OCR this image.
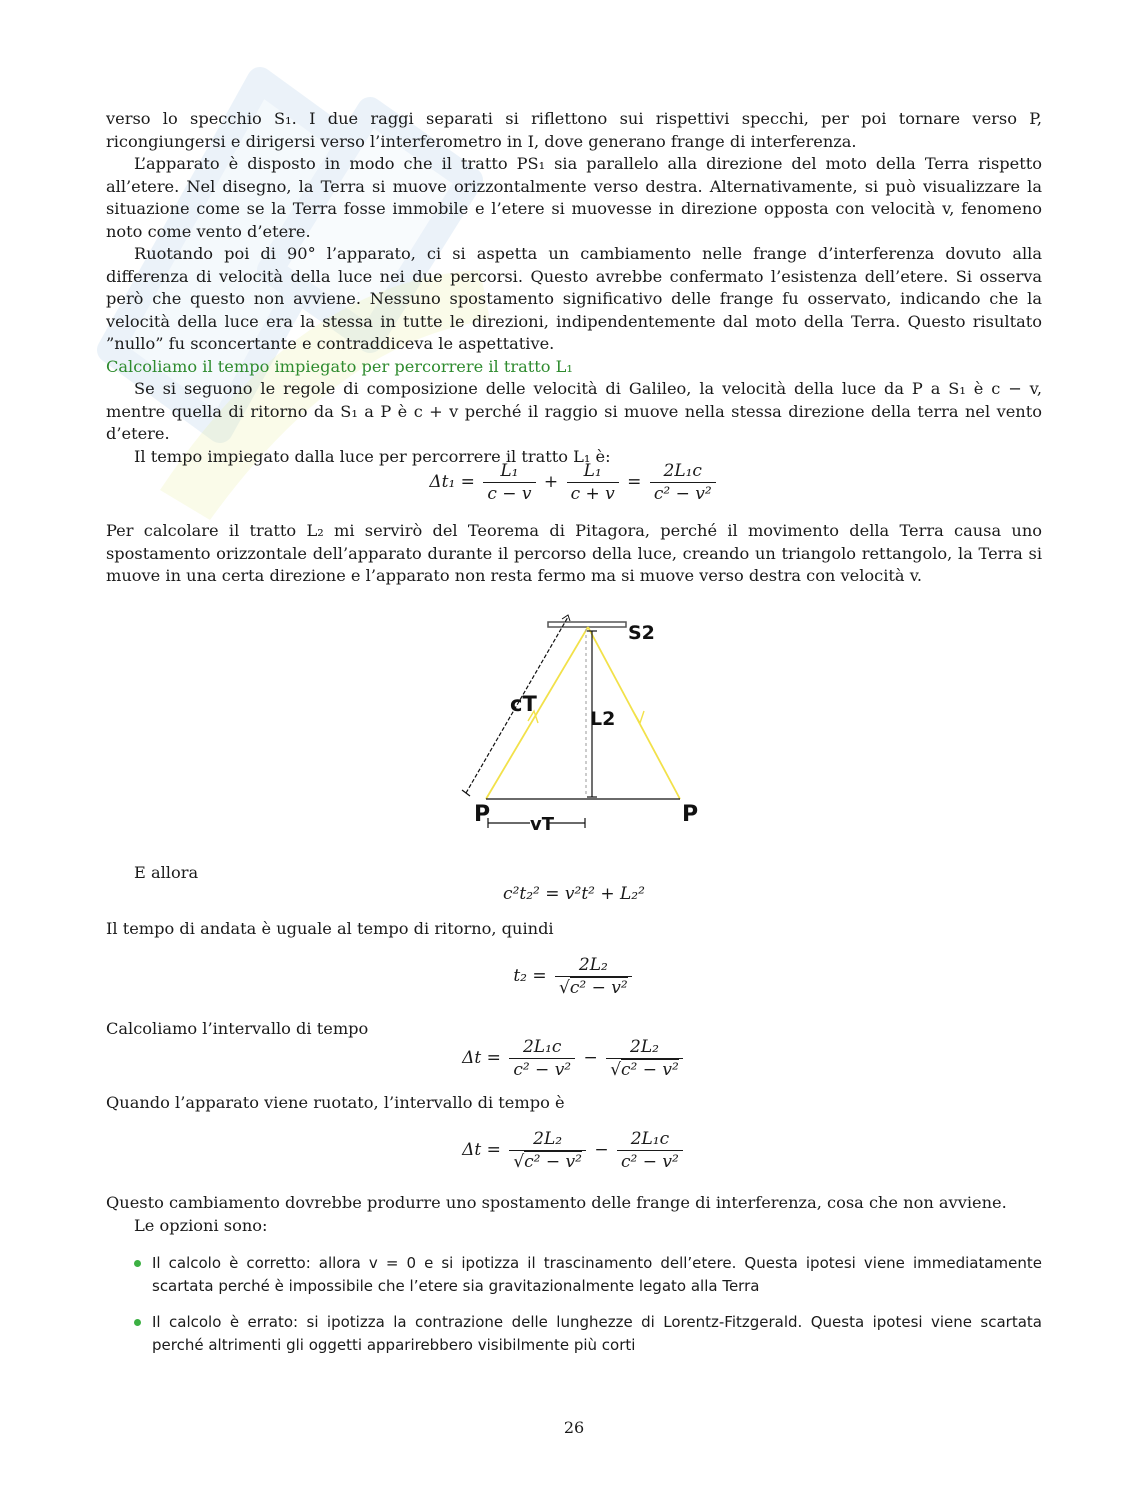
verso lo specchio S₁. I due raggi separati si riflettono sui rispettivi specchi, per poi tornare verso P, ricongiungersi e dirigersi verso l’interferometro in I, dove generano frange di interferenza.

L’apparato è disposto in modo che il tratto PS₁ sia parallelo alla direzione del moto della Terra rispetto all’etere. Nel disegno, la Terra si muove orizzontalmente verso destra. Alternativamente, si può visualizzare la situazione come se la Terra fosse immobile e l’etere si muovesse in direzione opposta con velocità v, fenomeno noto come vento d’etere.

Ruotando poi di 90° l’apparato, ci si aspetta un cambiamento nelle frange d’interferenza dovuto alla differenza di velocità della luce nei due percorsi. Questo avrebbe confermato l’esistenza dell’etere. Si osserva però che questo non avviene. Nessuno spostamento significativo delle frange fu osservato, indicando che la velocità della luce era la stessa in tutte le direzioni, indipendentemente dal moto della Terra. Questo risultato ”nullo” fu sconcertante e contraddiceva le aspettative.

Calcoliamo il tempo impiegato per percorrere il tratto L₁

Se si seguono le regole di composizione delle velocità di Galileo, la velocità della luce da P a S₁ è c − v, mentre quella di ritorno da S₁ a P è c + v perché il raggio si muove nella stessa direzione della terra nel vento d’etere.

Il tempo impiegato dalla luce per percorrere il tratto L₁ è:

$\Delta t_1 = \frac{\text{L₁}}{c - v} + \frac{\text{L₁}}{c + v} = \frac{\text{2L₁c}}{\text{c² − v²}}$

Per calcolare il tratto L₂ mi servirò del Teorema di Pitagora, perché il movimento della Terra causa uno spostamento orizzontale dell’apparato durante il percorso della luce, creando un triangolo rettangolo, la Terra si muove in una certa direzione e l’apparato non resta fermo ma si muove verso destra con velocità v.

S2
cT
L2
P	P
vT

E allora

c²t₂² = v²t² + L₂²

Il tempo di andata è uguale al tempo di ritorno, quindi

$t_2 = \frac{\text{2L₂}}{\text{√c² − v²}}$

Calcoliamo l’intervallo di tempo

$\Delta t = \frac{\text{2L₁c}}{\text{c² − v²}} - \frac{\text{2L₂}}{\text{√c² − v²}}$

Quando l’apparato viene ruotato, l’intervallo di tempo è

$\Delta t = \frac{\text{2L₂}}{\text{√c² − v²}} - \frac{\text{2L₁c}}{\text{c² − v²}}$

Questo cambiamento dovrebbe produrre uno spostamento delle frange di interferenza, cosa che non avviene.

Le opzioni sono:

Il calcolo è corretto: allora v = 0 e si ipotizza il trascinamento dell’etere. Questa ipotesi viene immediatamente scartata perché è impossibile che l’etere sia gravitazionalmente legato alla Terra
Il calcolo è errato: si ipotizza la contrazione delle lunghezze di Lorentz-Fitzgerald. Questa ipotesi viene scartata perché altrimenti gli oggetti apparirebbero visibilmente più corti
26
